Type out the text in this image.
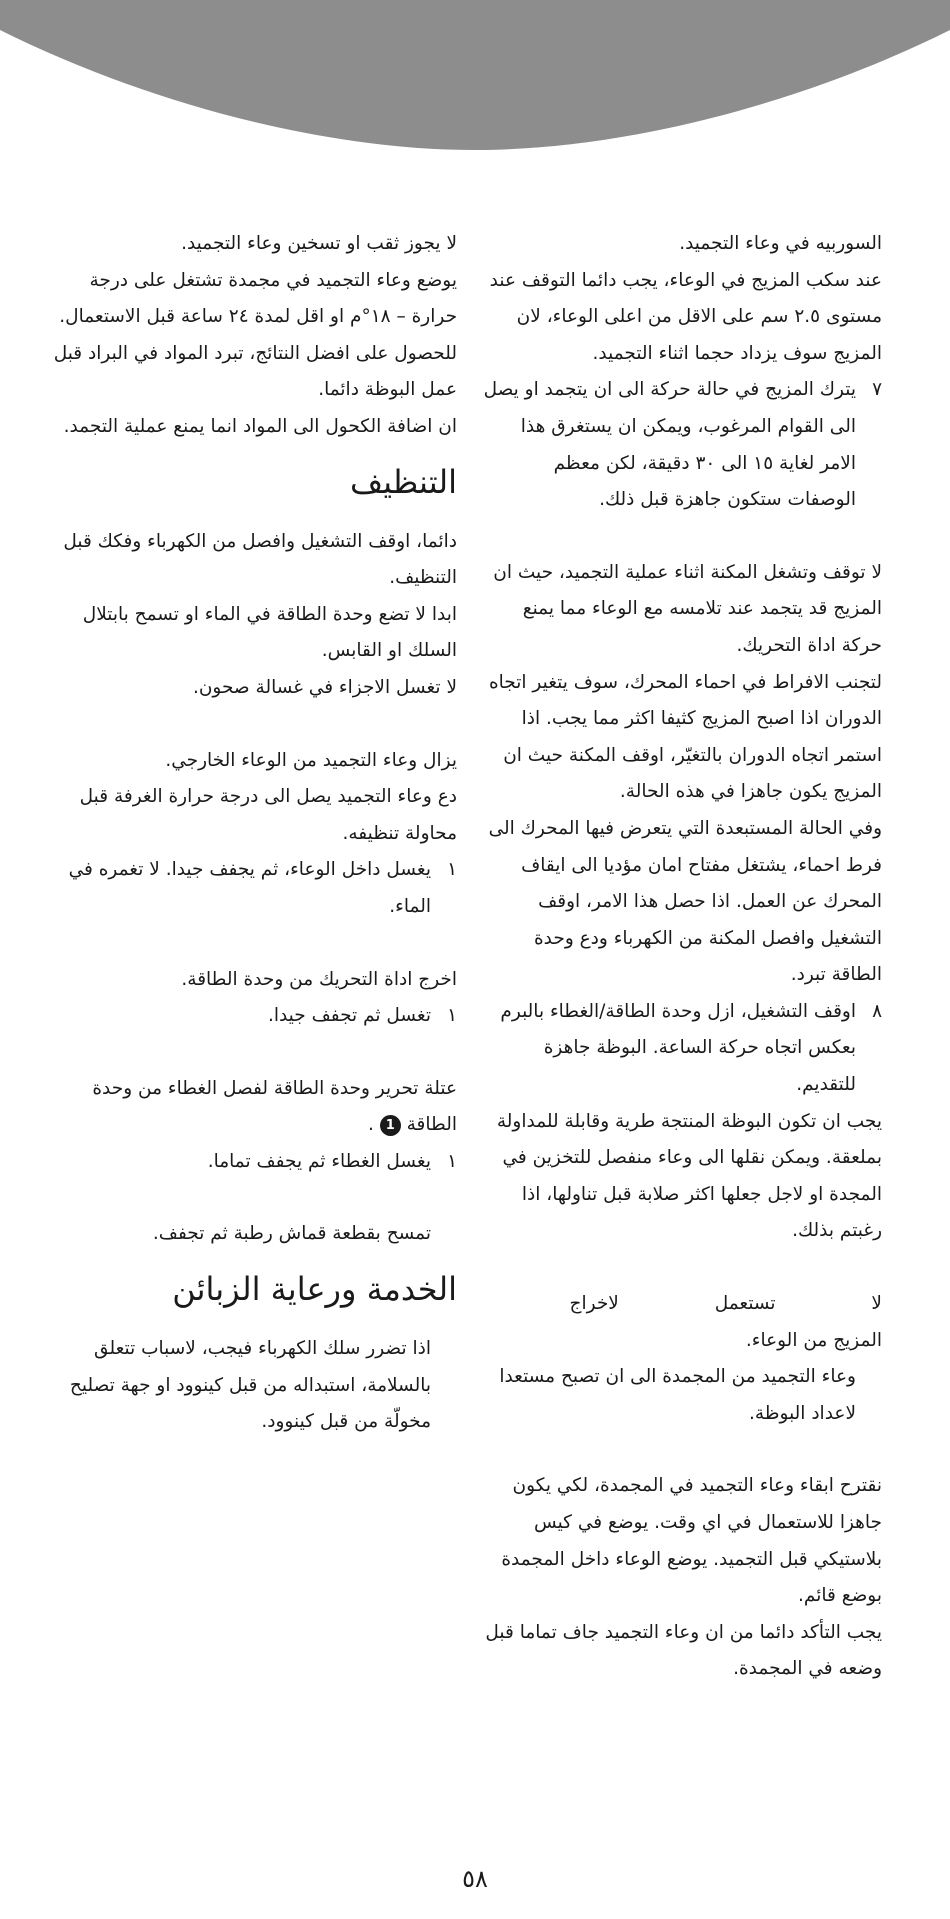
السوربيه في وعاء التجميد.

عند سكب المزيج في الوعاء، يجب دائما التوقف عند مستوى ٢.٥ سم على الاقل من اعلى الوعاء، لان المزيج سوف يزداد حجما اثناء التجميد.

٧

يترك المزيج في حالة حركة الى ان يتجمد او يصل الى القوام المرغوب، ويمكن ان يستغرق هذا الامر لغاية ١٥ الى ٣٠ دقيقة، لكن معظم الوصفات ستكون جاهزة قبل ذلك.

لا توقف وتشغل المكنة اثناء عملية التجميد، حيث ان المزيج قد يتجمد عند تلامسه مع الوعاء مما يمنع حركة اداة التحريك.

لتجنب الافراط في احماء المحرك، سوف يتغير اتجاه الدوران اذا اصبح المزيج كثيفا اكثر مما يجب. اذا استمر اتجاه الدوران بالتغيّر، اوقف المكنة حيث ان المزيج يكون جاهزا في هذه الحالة.

وفي الحالة المستبعدة التي يتعرض فيها المحرك الى فرط احماء، يشتغل مفتاح امان مؤديا الى ايقاف المحرك عن العمل. اذا حصل هذا الامر، اوقف التشغيل وافصل المكنة من الكهرباء ودع وحدة الطاقة تبرد.

٨

اوقف التشغيل، ازل وحدة الطاقة/الغطاء بالبرم بعكس اتجاه حركة الساعة. البوظة جاهزة للتقديم.

يجب ان تكون البوظة المنتجة طرية وقابلة للمداولة بملعقة. ويمكن نقلها الى وعاء منفصل للتخزين في المجدة او لاجل جعلها اكثر صلابة قبل تناولها، اذا رغبتم بذلك.

لا تستعمل لاخراج

المزيج من الوعاء.

وعاء التجميد من المجمدة الى ان تصبح مستعدا لاعداد البوظة.

نقترح ابقاء وعاء التجميد في المجمدة، لكي يكون جاهزا للاستعمال في اي وقت. يوضع في كيس بلاستيكي قبل التجميد. يوضع الوعاء داخل المجمدة بوضع قائم.

يجب التأكد دائما من ان وعاء التجميد جاف تماما قبل وضعه في المجمدة.

لا يجوز ثقب او تسخين وعاء التجميد.

يوضع وعاء التجميد في مجمدة تشتغل على درجة حرارة – ١٨°م او اقل لمدة ٢٤ ساعة قبل الاستعمال.

للحصول على افضل النتائج، تبرد المواد في البراد قبل عمل البوظة دائما.

ان اضافة الكحول الى المواد انما يمنع عملية التجمد.

التنظيف

دائما، اوقف التشغيل وافصل من الكهرباء وفكك قبل التنظيف.

ابدا لا تضع وحدة الطاقة في الماء او تسمح بابتلال السلك او القابس.

لا تغسل الاجزاء في غسالة صحون.

يزال وعاء التجميد من الوعاء الخارجي.

دع وعاء التجميد يصل الى درجة حرارة الغرفة قبل محاولة تنظيفه.

١

يغسل داخل الوعاء، ثم يجفف جيدا. لا تغمره في الماء.

اخرج اداة التحريك من وحدة الطاقة.

١

تغسل ثم تجفف جيدا.

عتلة تحرير وحدة الطاقة لفصل الغطاء من وحدة الطاقة 1 .

١

يغسل الغطاء ثم يجفف تماما.

تمسح بقطعة قماش رطبة ثم تجفف.

الخدمة ورعاية الزبائن

اذا تضرر سلك الكهرباء فيجب، لاسباب تتعلق بالسلامة، استبداله من قبل كينوود او جهة تصليح مخولّة من قبل كينوود.

٥٨
